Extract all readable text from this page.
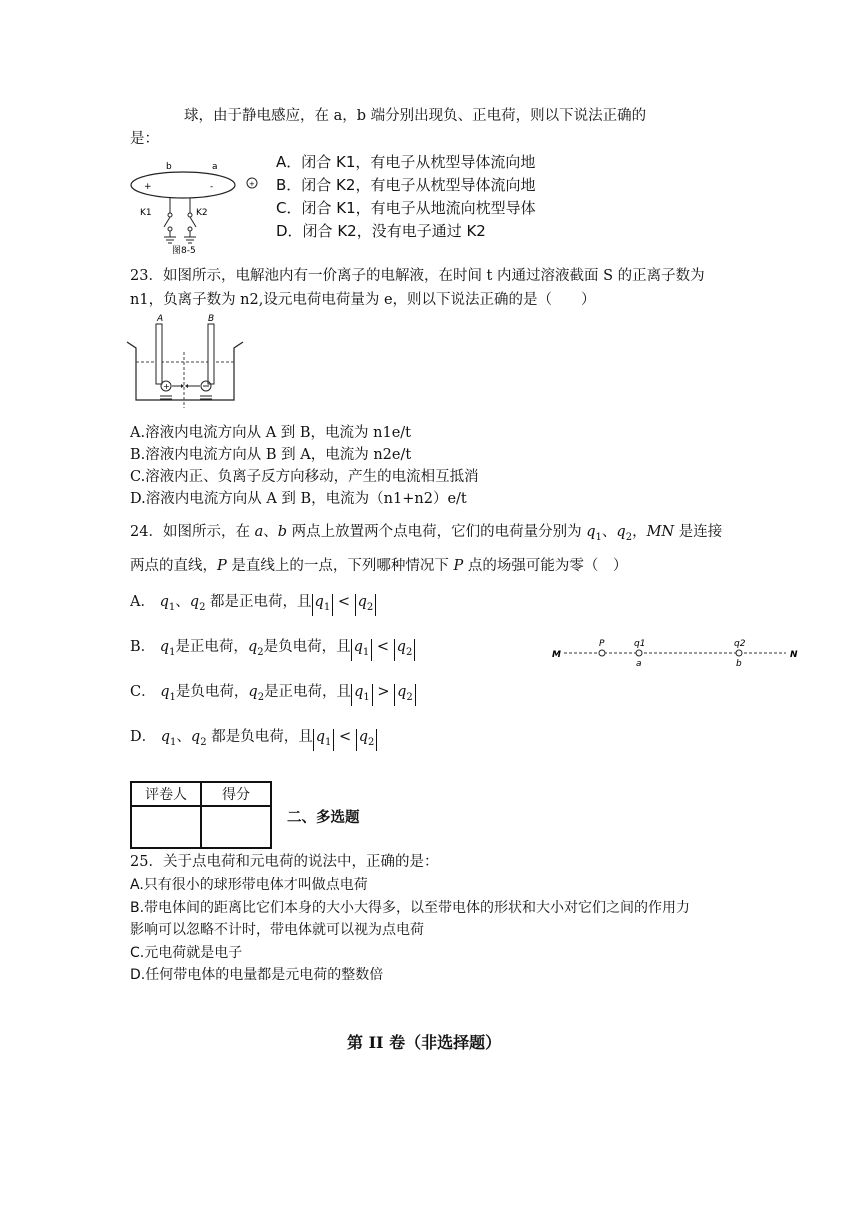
球，由于静电感应，在 a，b 端分别出现负、正电荷，则以下说法正确的
是：
b	a
+	-	+
K1	K2
图8-5
A．闭合 K1，有电子从枕型导体流向地
B．闭合 K2，有电子从枕型导体流向地
C．闭合 K1，有电子从地流向枕型导体
D．闭合 K2，没有电子通过 K2
23．如图所示，电解池内有一价离子的电解液，在时间 t 内通过溶液截面 S 的正离子数为
n1，负离子数为 n2,设元电荷电荷量为 e，则以下说法正确的是（　　）
A	B
+
A.溶液内电流方向从 A 到 B，电流为 n1e/t
B.溶液内电流方向从 B 到 A，电流为 n2e/t
C.溶液内正、负离子反方向移动，产生的电流相互抵消
D.溶液内电流方向从 A 到 B，电流为（n1+n2）e/t
24．如图所示，在 a、b 两点上放置两个点电荷，它们的电荷量分别为 $q_1$、$q_2$，MN 是连接
两点的直线，P 是直线上的一点，下列哪种情况下 P 点的场强可能为零（　）
A． $q_1$、$q_2$ 都是正电荷，且 $q_1 < q_2$
B． $q_1$是正电荷，$q_2$是负电荷，且 $q_1 < q_2$
C． $q_1$是负电荷，$q_2$是正电荷，且 $q_1 > q_2$
D． $q_1$、$q_2$ 都是负电荷，且 $q_1 < q_2$
M	N
P	q1
a
q2
b
评卷人	得分

二、多选题
25．关于点电荷和元电荷的说法中，正确的是：
A.只有很小的球形带电体才叫做点电荷
B.带电体间的距离比它们本身的大小大得多，以至带电体的形状和大小对它们之间的作用力
影响可以忽略不计时，带电体就可以视为点电荷
C.元电荷就是电子
D.任何带电体的电量都是元电荷的整数倍
第 II 卷（非选择题）
